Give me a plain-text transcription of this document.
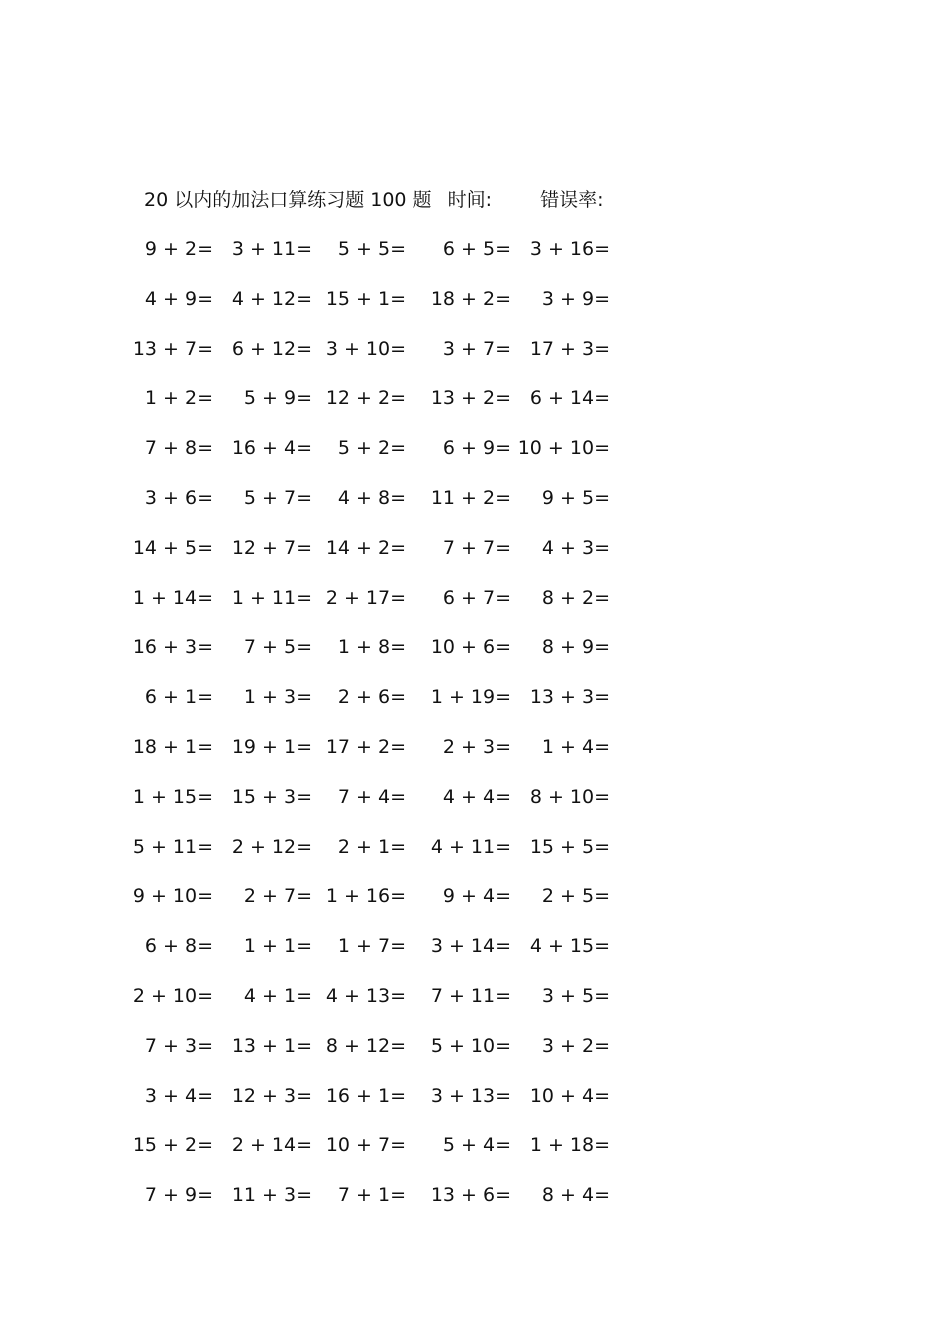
20 以内的加法口算练习题 100 题 时间:	错误率:
9 + 2= 3 + 11= 5 + 5= 6 + 5= 3 + 16=
4 + 9= 4 + 12= 15 + 1= 18 + 2= 3 + 9=
13 + 7= 6 + 12= 3 + 10= 3 + 7= 17 + 3=
1 + 2= 5 + 9= 12 + 2= 13 + 2= 6 + 14=
7 + 8= 16 + 4= 5 + 2= 6 + 9= 10 + 10=
3 + 6= 5 + 7= 4 + 8= 11 + 2= 9 + 5=
14 + 5= 12 + 7= 14 + 2= 7 + 7= 4 + 3=
1 + 14= 1 + 11= 2 + 17= 6 + 7= 8 + 2=
16 + 3= 7 + 5= 1 + 8= 10 + 6= 8 + 9=
6 + 1= 1 + 3= 2 + 6= 1 + 19= 13 + 3=
18 + 1= 19 + 1= 17 + 2= 2 + 3= 1 + 4=
1 + 15= 15 + 3= 7 + 4= 4 + 4= 8 + 10=
5 + 11= 2 + 12= 2 + 1= 4 + 11= 15 + 5=
9 + 10= 2 + 7= 1 + 16= 9 + 4= 2 + 5=
6 + 8= 1 + 1= 1 + 7= 3 + 14= 4 + 15=
2 + 10= 4 + 1= 4 + 13= 7 + 11= 3 + 5=
7 + 3= 13 + 1= 8 + 12= 5 + 10= 3 + 2=
3 + 4= 12 + 3= 16 + 1= 3 + 13= 10 + 4=
15 + 2= 2 + 14= 10 + 7= 5 + 4= 1 + 18=
7 + 9= 11 + 3= 7 + 1= 13 + 6= 8 + 4=
